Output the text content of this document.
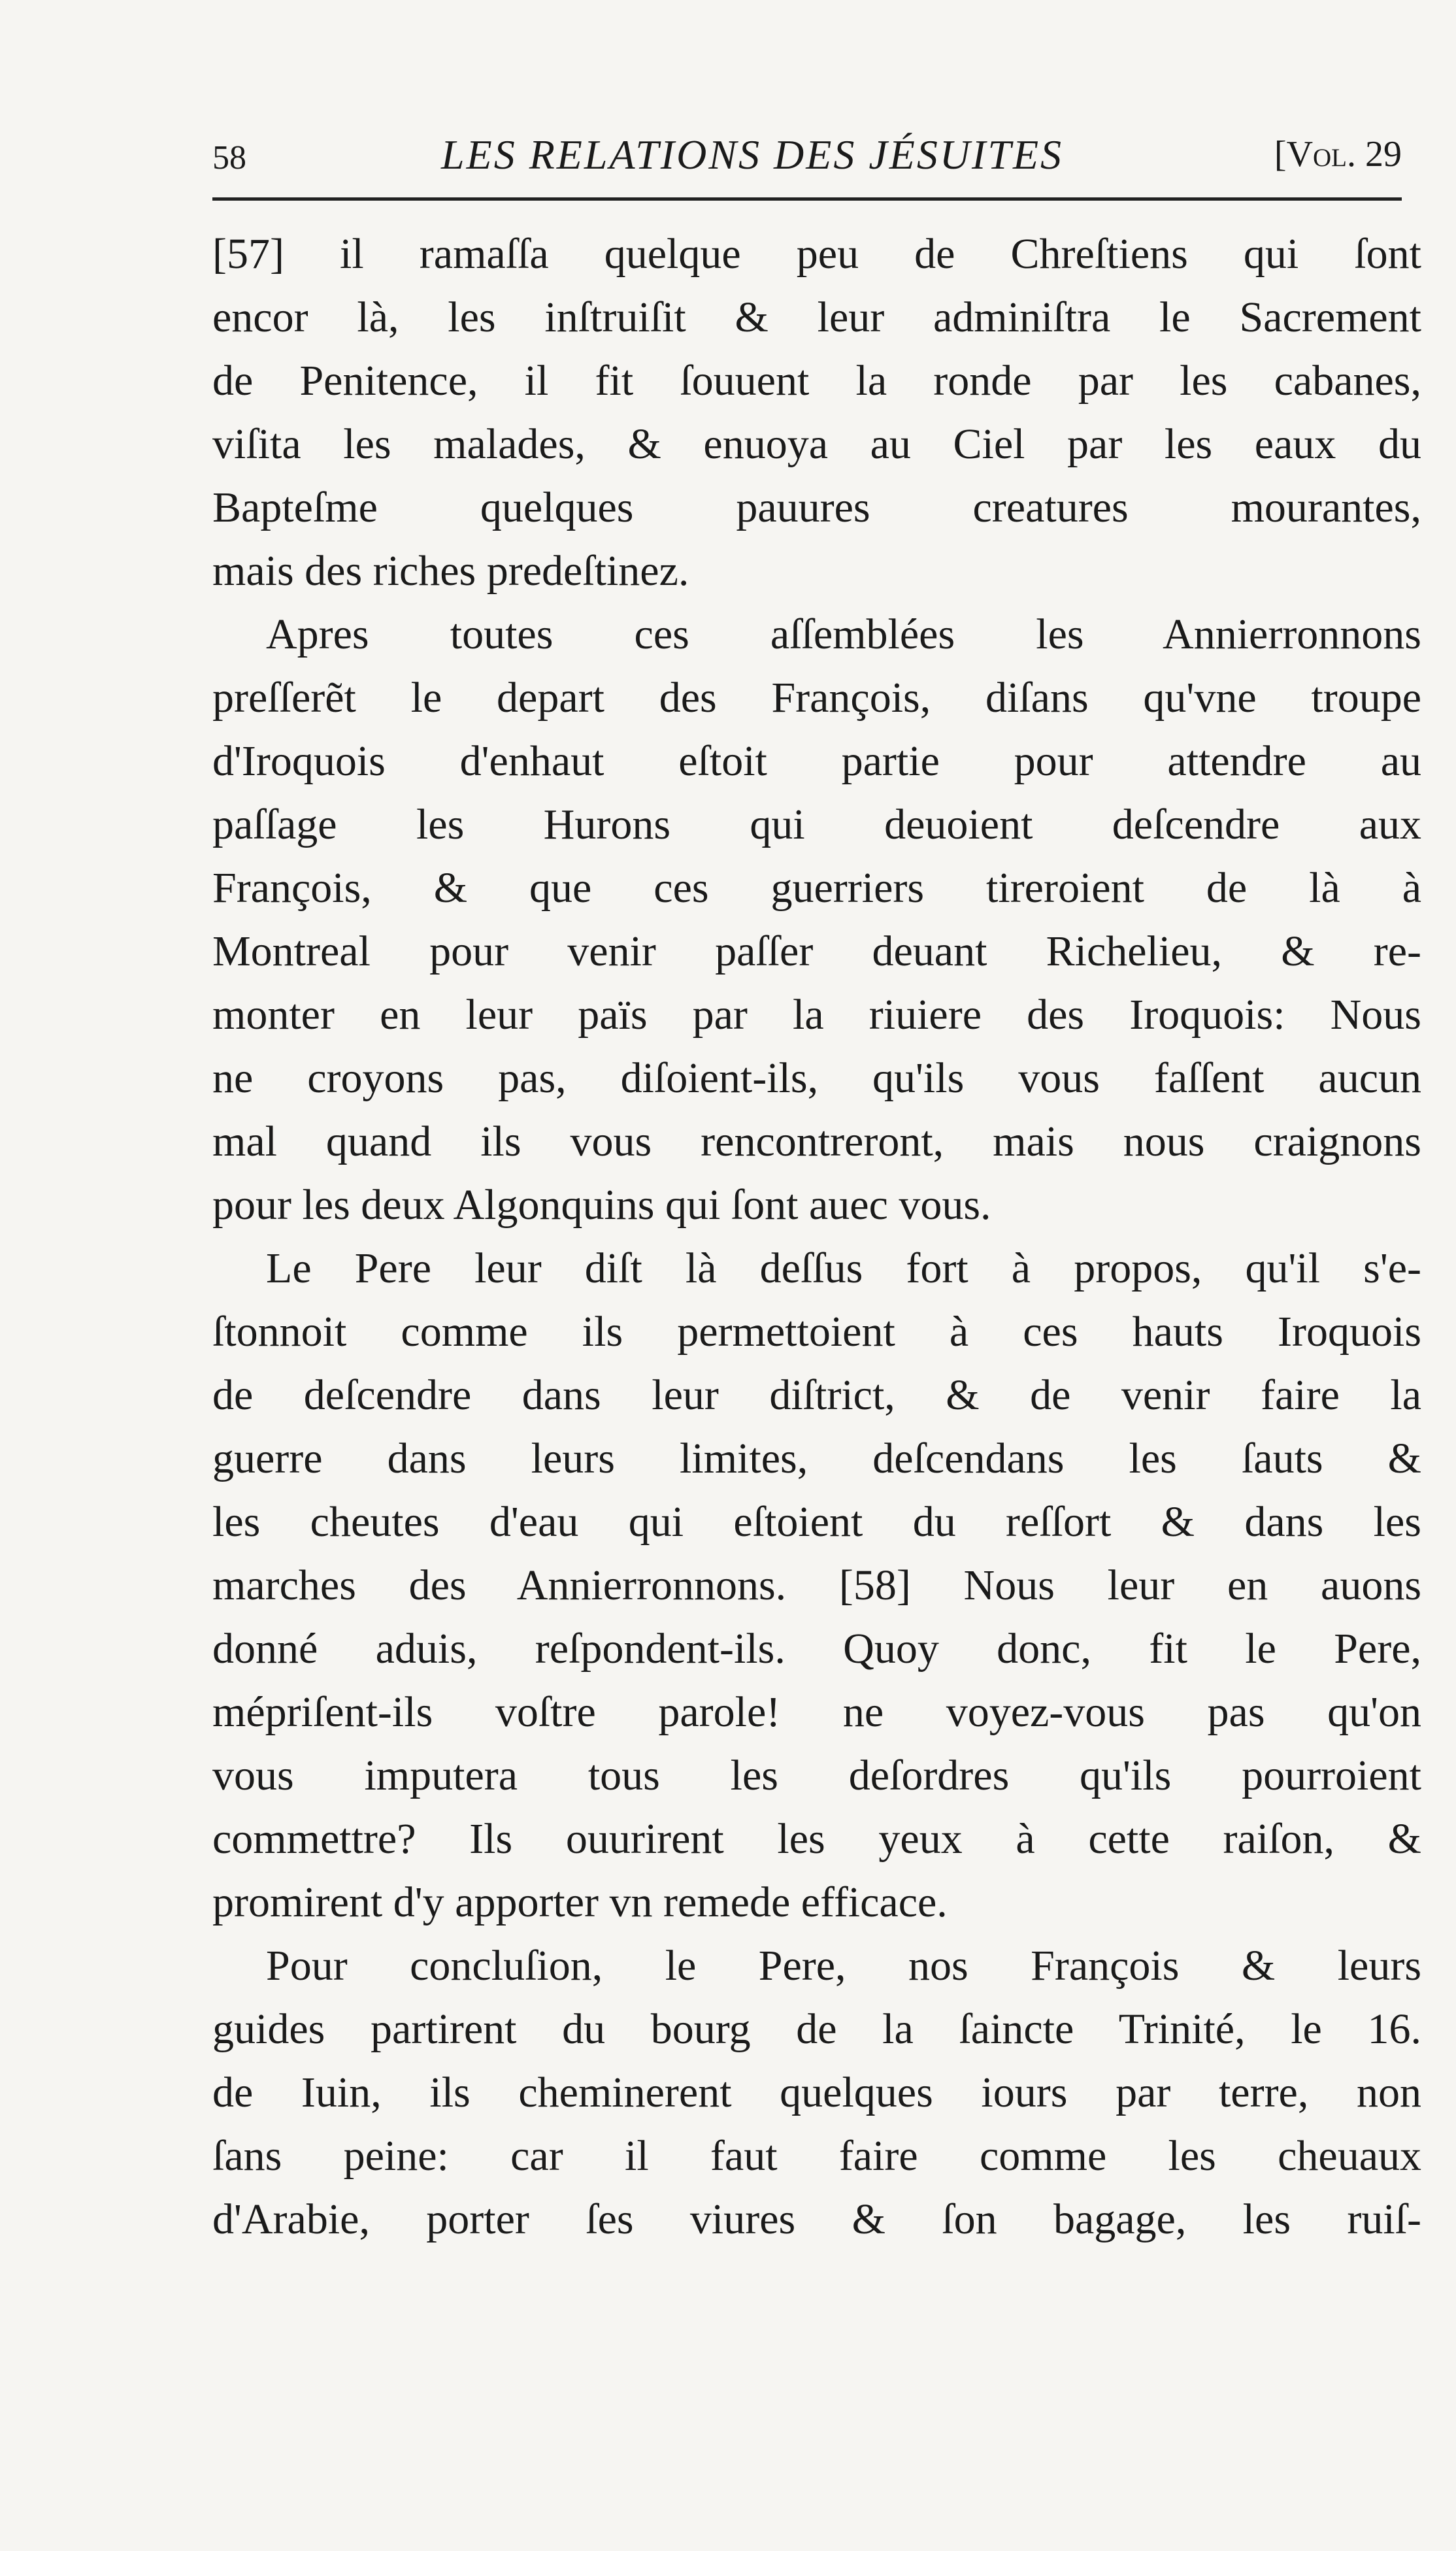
58	LES RELATIONS DES JÉSUITES	[Vol. 29
[57] il ramaſſa quelque peu de Chreſtiens qui ſont
encor là, les inſtruiſit & leur adminiſtra le Sacrement
de Penitence, il fit ſouuent la ronde par les cabanes,
viſita les malades, & enuoya au Ciel par les eaux du
Bapteſme quelques pauures creatures mourantes,
mais des riches predeſtinez.
Apres toutes ces aſſemblées les Annierronnons
preſſerẽt le depart des François, diſans qu'vne troupe
d'Iroquois d'enhaut eſtoit partie pour attendre au
paſſage les Hurons qui deuoient deſcendre aux
François, & que ces guerriers tireroient de là à
Montreal pour venir paſſer deuant Richelieu, & re-
monter en leur païs par la riuiere des Iroquois: Nous
ne croyons pas, diſoient-ils, qu'ils vous faſſent aucun
mal quand ils vous rencontreront, mais nous craignons
pour les deux Algonquins qui ſont auec vous.
Le Pere leur diſt là deſſus fort à propos, qu'il s'e-
ſtonnoit comme ils permettoient à ces hauts Iroquois
de deſcendre dans leur diſtrict, & de venir faire la
guerre dans leurs limites, deſcendans les ſauts &
les cheutes d'eau qui eſtoient du reſſort & dans les
marches des Annierronnons. [58] Nous leur en auons
donné aduis, reſpondent-ils. Quoy donc, fit le Pere,
mépriſent-ils voſtre parole! ne voyez-vous pas qu'on
vous imputera tous les deſordres qu'ils pourroient
commettre? Ils ouurirent les yeux à cette raiſon, &
promirent d'y apporter vn remede efficace.
Pour concluſion, le Pere, nos François & leurs
guides partirent du bourg de la ſaincte Trinité, le 16.
de Iuin, ils cheminerent quelques iours par terre, non
ſans peine: car il faut faire comme les cheuaux
d'Arabie, porter ſes viures & ſon bagage, les ruiſ-
